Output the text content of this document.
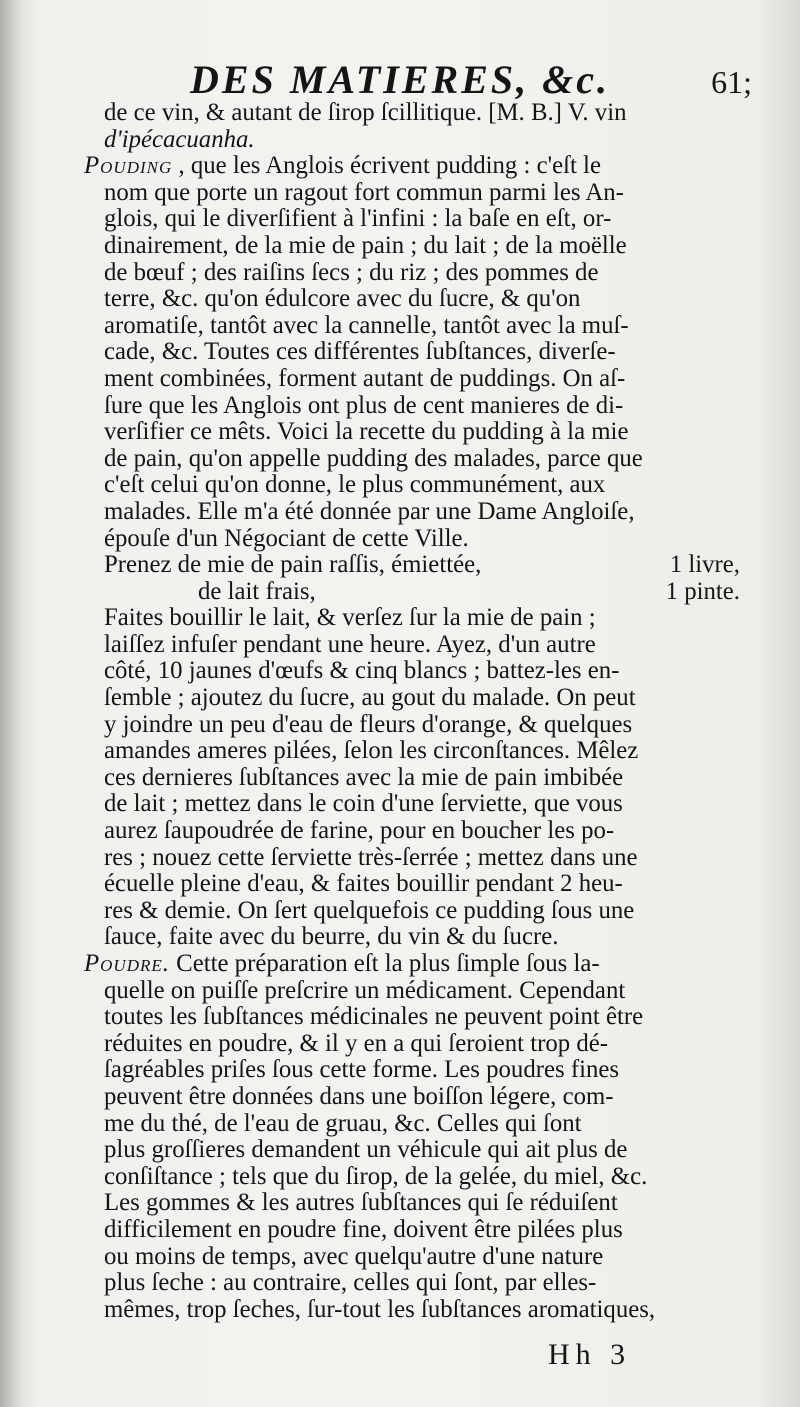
DES MATIERES, &c.	61;

de ce vin, & autant de ſirop ſcillitique. [M. B.] V. vin

d'ipécacuanha.

Pouding , que les Anglois écrivent pudding : c'eſt le

nom que porte un ragout fort commun parmi les An-

glois, qui le diverſifient à l'infini : la baſe en eſt, or-

dinairement, de la mie de pain ; du lait ; de la moëlle

de bœuf ; des raiſins ſecs ; du riz ; des pommes de

terre, &c. qu'on édulcore avec du ſucre, & qu'on

aromatiſe, tantôt avec la cannelle, tantôt avec la muſ-

cade, &c. Toutes ces différentes ſubſtances, diverſe-

ment combinées, forment autant de puddings. On aſ-

ſure que les Anglois ont plus de cent manieres de di-

verſifier ce mêts. Voici la recette du pudding à la mie

de pain, qu'on appelle pudding des malades, parce que

c'eſt celui qu'on donne, le plus communément, aux

malades. Elle m'a été donnée par une Dame Angloiſe,

épouſe d'un Négociant de cette Ville.

Prenez de mie de pain raſſis, émiettée,	1 livre,
de lait frais,	1 pinte.

Faites bouillir le lait, & verſez ſur la mie de pain ;

laiſſez infuſer pendant une heure. Ayez, d'un autre

côté, 10 jaunes d'œufs & cinq blancs ; battez-les en-

ſemble ; ajoutez du ſucre, au gout du malade. On peut

y joindre un peu d'eau de fleurs d'orange, & quelques

amandes ameres pilées, ſelon les circonſtances. Mêlez

ces dernieres ſubſtances avec la mie de pain imbibée

de lait ; mettez dans le coin d'une ſerviette, que vous

aurez ſaupoudrée de farine, pour en boucher les po-

res ; nouez cette ſerviette très-ſerrée ; mettez dans une

écuelle pleine d'eau, & faites bouillir pendant 2 heu-

res & demie. On ſert quelquefois ce pudding ſous une

ſauce, faite avec du beurre, du vin & du ſucre.

Poudre. Cette préparation eſt la plus ſimple ſous la-

quelle on puiſſe preſcrire un médicament. Cependant

toutes les ſubſtances médicinales ne peuvent point être

réduites en poudre, & il y en a qui ſeroient trop dé-

ſagréables priſes ſous cette forme. Les poudres fines

peuvent être données dans une boiſſon légere, com-

me du thé, de l'eau de gruau, &c. Celles qui ſont

plus groſſieres demandent un véhicule qui ait plus de

conſiſtance ; tels que du ſirop, de la gelée, du miel, &c.

Les gommes & les autres ſubſtances qui ſe réduiſent

difficilement en poudre fine, doivent être pilées plus

ou moins de temps, avec quelqu'autre d'une nature

plus ſeche : au contraire, celles qui ſont, par elles-

mêmes, trop ſeches, ſur-tout les ſubſtances aromatiques,

Hh 3
